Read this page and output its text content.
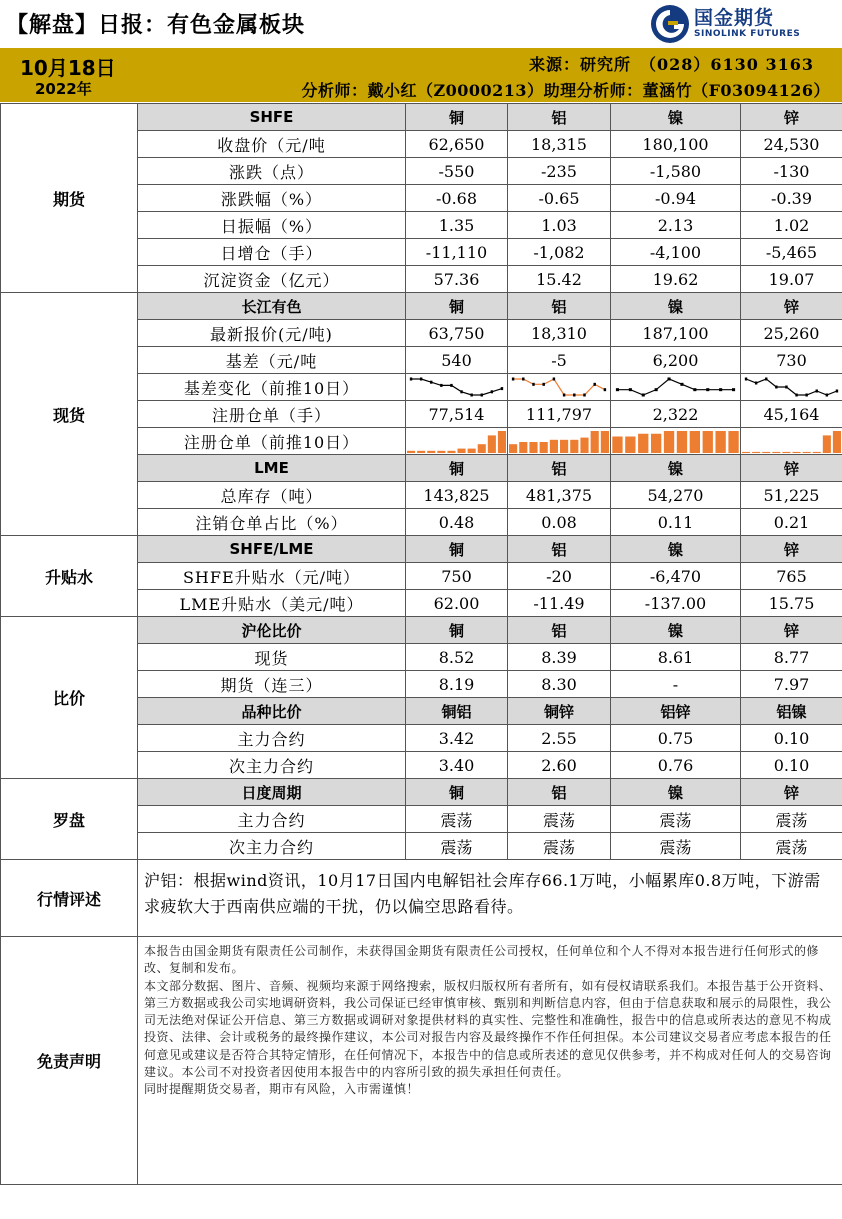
【解盘】日报：有色金属板块	国金期货
SINOLINK FUTURES
10月18日
2022年
来源：研究所　（028）6130 3163
分析师：戴小红（Z0000213）助理分析师：董涵竹（F03094126）
期货	SHFE	铜	铝	镍	锌
	收盘价（元/吨	62,650	18,315	180,100	24,530
	涨跌（点）	-550	-235	-1,580	-130
	涨跌幅（%）	-0.68	-0.65	-0.94	-0.39
	日振幅（%）	1.35	1.03	2.13	1.02
	日增仓（手）	-11,110	-1,082	-4,100	-5,465
	沉淀资金（亿元）	57.36	15.42	19.62	19.07
现货	长江有色	铜	铝	镍	锌
	最新报价(元/吨)	63,750	18,310	187,100	25,260
	基差（元/吨	540	-5	6,200	730
	基差变化（前推10日）	

	注册仓单（手）	77,514	111,797	2,322	45,164
	注册仓单（前推10日）	

	LME	铜	铝	镍	锌
	总库存（吨）	143,825	481,375	54,270	51,225
	注销仓单占比（%）	0.48	0.08	0.11	0.21
升贴水	SHFE/LME	铜	铝	镍	锌
	SHFE升贴水（元/吨）	750	-20	-6,470	765
	LME升贴水（美元/吨）	62.00	-11.49	-137.00	15.75
比价	沪伦比价	铜	铝	镍	锌
	现货	8.52	8.39	8.61	8.77
	期货（连三）	8.19	8.30	-	7.97
	品种比价	铜铝	铜锌	铝锌	铝镍
	主力合约	3.42	2.55	0.75	0.10
	次主力合约	3.40	2.60	0.76	0.10
罗盘	日度周期	铜	铝	镍	锌
	主力合约	震荡	震荡	震荡	震荡
	次主力合约	震荡	震荡	震荡	震荡
行情评述	沪铝：根据wind资讯，10月17日国内电解铝社会库存66.1万吨，小幅累库0.8万吨，下游需求疲软大于西南供应端的干扰，仍以偏空思路看待。				
免责声明	本报告由国金期货有限责任公司制作，未获得国金期货有限责任公司授权，任何单位和个人不得对本报告进行任何形式的修改、复制和发布。

本文部分数据、图片、音频、视频均来源于网络搜索，版权归版权所有者所有，如有侵权请联系我们。本报告基于公开资料、第三方数据或我公司实地调研资料，我公司保证已经审慎审核、甄别和判断信息内容，但由于信息获取和展示的局限性，我公司无法绝对保证公开信息、第三方数据或调研对象提供材料的真实性、完整性和准确性，报告中的信息或所表达的意见不构成投资、法律、会计或税务的最终操作建议，本公司对报告内容及最终操作不作任何担保。本公司建议交易者应考虑本报告的任何意见或建议是否符合其特定情形，在任何情况下，本报告中的信息或所表述的意见仅供参考，并不构成对任何人的交易咨询建议。本公司不对投资者因使用本报告中的内容所引致的损失承担任何责任。

同时提醒期货交易者，期市有风险，入市需谨慎！				
